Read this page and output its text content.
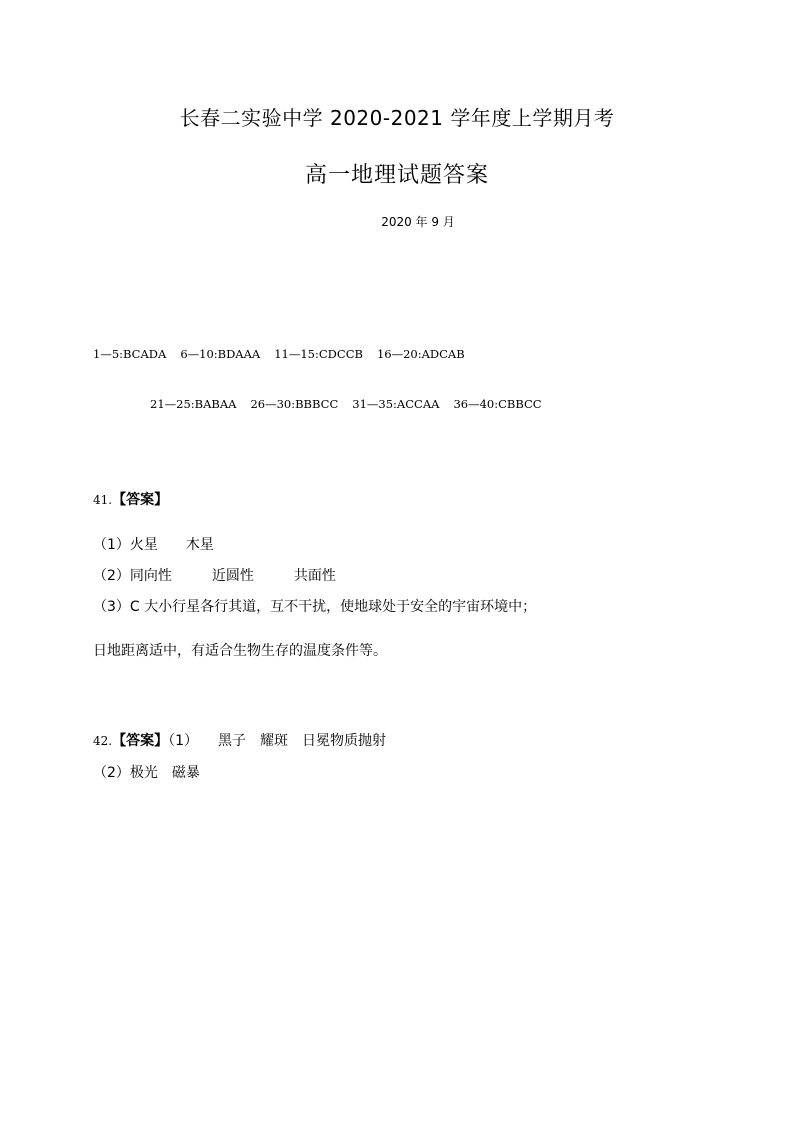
长春二实验中学 2020-2021 学年度上学期月考
高一地理试题答案
2020 年 9 月
1—5:BCADA 6—10:BDAAA 11—15:CDCCB 16—20:ADCAB
21—25:BABAA 26—30:BBBCC 31—35:ACCAA 36—40:CBBCC
41.【答案】
（1）火星 木星
（2）同向性	近圆性	共面性
（3）C 大小行星各行其道，互不干扰，使地球处于安全的宇宙环境中；
日地距离适中，有适合生物生存的温度条件等。
42.【答案】（1） 黑子 耀斑 日冕物质抛射
（2）极光 磁暴
